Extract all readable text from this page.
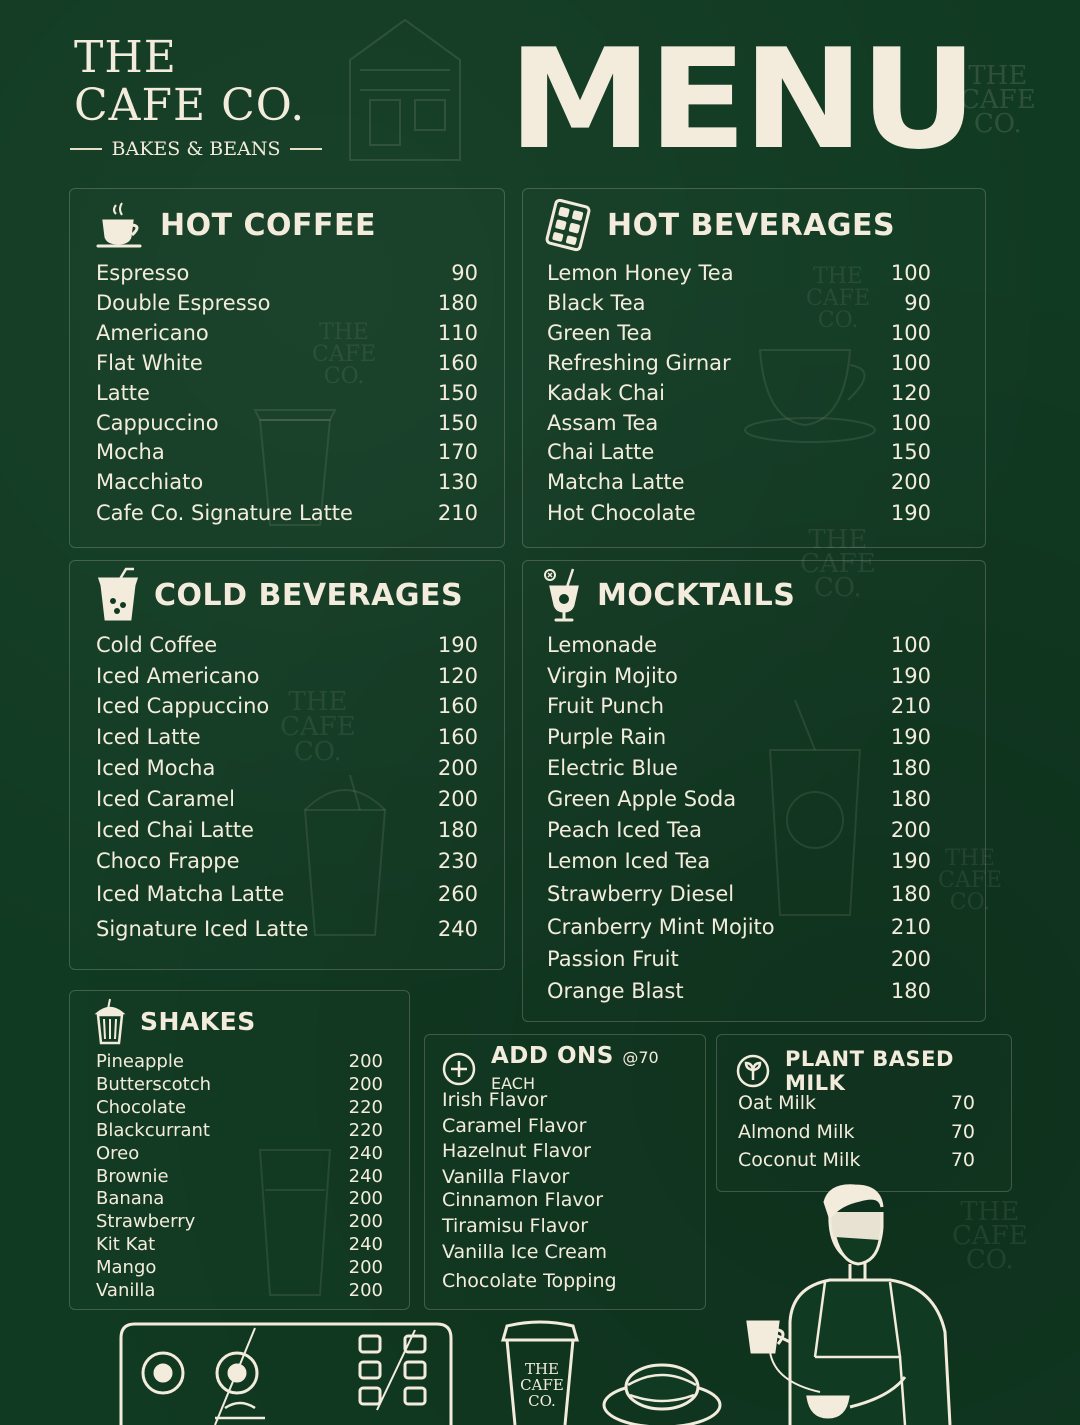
THE
CAFE
CO.
THE
CAFE
CO.
THE
CAFE
CO.
THE
CAFE
CO.
THE
CAFE
CO.
THE
CAFE
CO.
THE
CAFE
CO.
THE
CAFE CO.
BAKES & BEANS MENU
HOT COFFEE
Espresso	90
Double Espresso	180
Americano	110
Flat White	160
Latte	150
Cappuccino	150
Mocha	170
Macchiato	130
Cafe Co. Signature Latte	210
HOT BEVERAGES
Lemon Honey Tea	100
Black Tea	90
Green Tea	100
Refreshing Girnar	100
Kadak Chai	120
Assam Tea	100
Chai Latte	150
Matcha Latte	200
Hot Chocolate	190
COLD BEVERAGES
Cold Coffee	190
Iced Americano	120
Iced Cappuccino	160
Iced Latte	160
Iced Mocha	200
Iced Caramel	200
Iced Chai Latte	180
Choco Frappe	230
Iced Matcha Latte	260
Signature Iced Latte	240
MOCKTAILS
Lemonade	100
Virgin Mojito	190
Fruit Punch	210
Purple Rain	190
Electric Blue	180
Green Apple Soda	180
Peach Iced Tea	200
Lemon Iced Tea	190
Strawberry Diesel	180
Cranberry Mint Mojito	210
Passion Fruit	200
Orange Blast	180
SHAKES
Pineapple	200
Butterscotch	200
Chocolate	220
Blackcurrant	220
Oreo	240
Brownie	240
Banana	200
Strawberry	200
Kit Kat	240
Mango	200
Vanilla	200
ADD ONS @70 EACH
Irish Flavor
Caramel Flavor
Hazelnut Flavor
Vanilla Flavor
Cinnamon Flavor
Tiramisu Flavor
Vanilla Ice Cream
Chocolate Topping
PLANT BASED MILK
Oat Milk	70
Almond Milk	70
Coconut Milk	70
THE
CAFE
CO.
